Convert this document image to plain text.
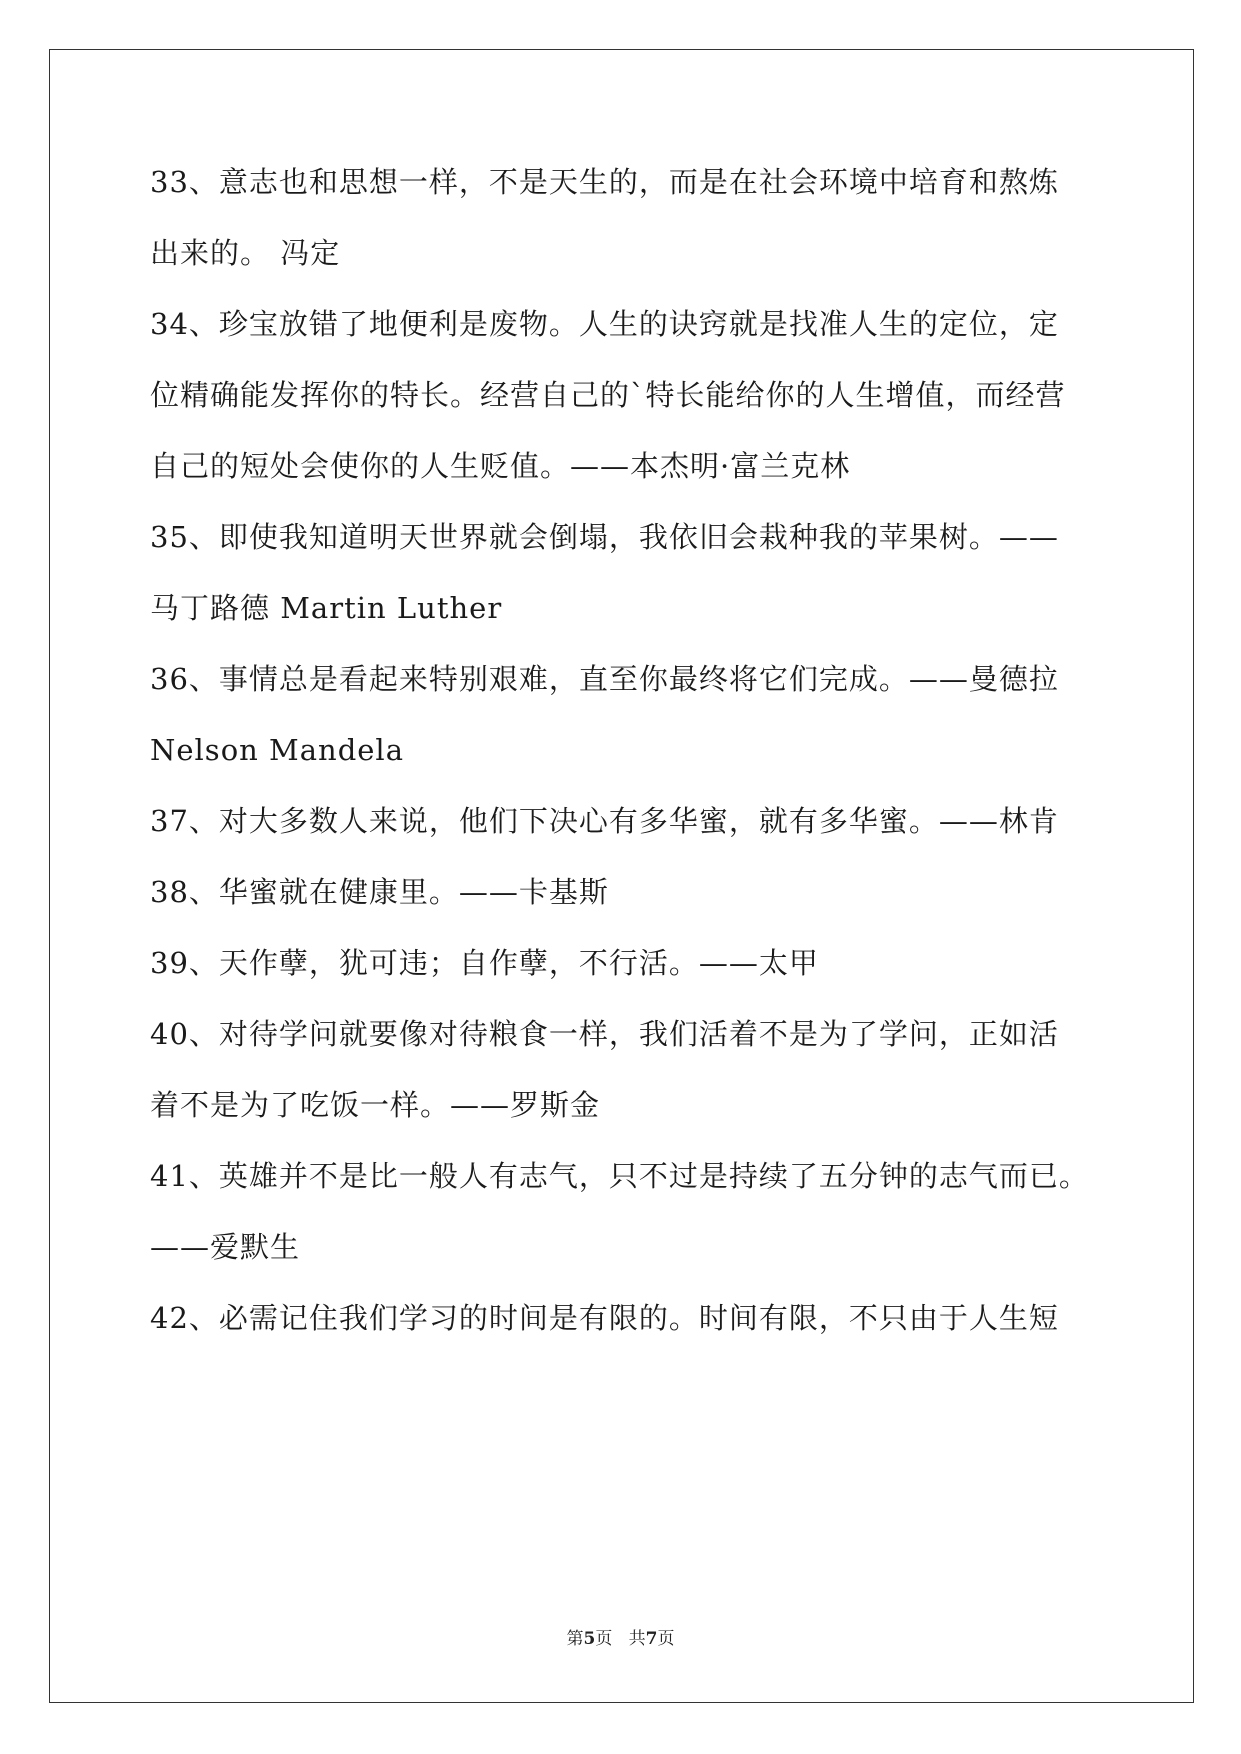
33、意志也和思想一样，不是天生的，而是在社会环境中培育和熬炼
出来的。 冯定
34、珍宝放错了地便利是废物。人生的诀窍就是找准人生的定位，定
位精确能发挥你的特长。经营自己的`特长能给你的人生增值，而经营
自己的短处会使你的人生贬值。——本杰明·富兰克林
35、即使我知道明天世界就会倒塌，我依旧会栽种我的苹果树。——
马丁路德 Martin Luther
36、事情总是看起来特别艰难，直至你最终将它们完成。——曼德拉
Nelson Mandela
37、对大多数人来说，他们下决心有多华蜜，就有多华蜜。——林肯
38、华蜜就在健康里。——卡基斯
39、天作孽，犹可违；自作孽，不行活。——太甲
40、对待学问就要像对待粮食一样，我们活着不是为了学问，正如活
着不是为了吃饭一样。——罗斯金
41、英雄并不是比一般人有志气，只不过是持续了五分钟的志气而已。
——爱默生
42、必需记住我们学习的时间是有限的。时间有限，不只由于人生短
第5页   共7页
